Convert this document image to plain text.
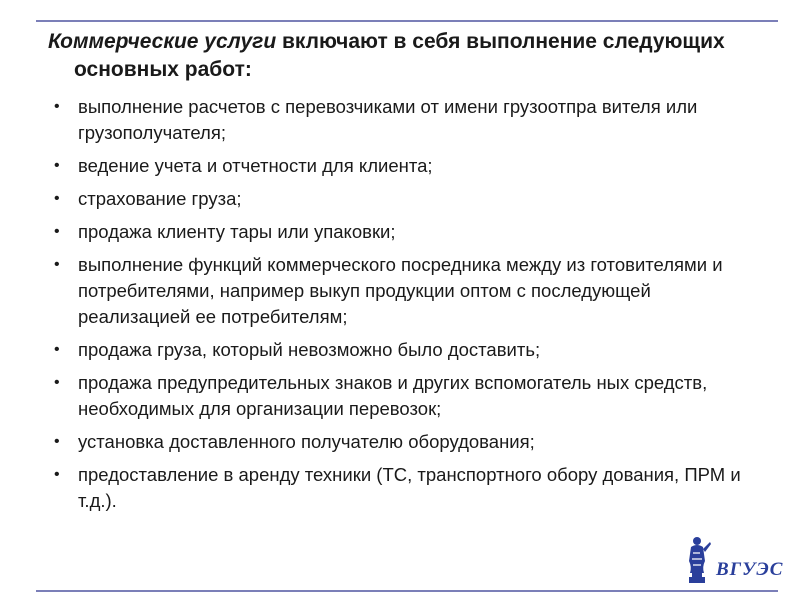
Коммерческие услуги включают в себя выполнение следующих основных работ:

• выполнение расчетов с перевозчиками от имени грузоотпра вителя или грузополучателя;
• ведение учета и отчетности для клиента;
• страхование груза;
• продажа клиенту тары или упаковки;
• выполнение функций коммерческого посредника между из готовителями и потребителями, например выкуп продукции оптом с последующей реализацией ее потребителям;
• продажа груза, который невозможно было доставить;
• продажа предупредительных знаков и других вспомогатель ных средств, необходимых для организации перевозок;
• установка доставленного получателю оборудования;
• предоставление в аренду техники (ТС, транспортного обору дования, ПРМ и т.д.).
ВГУЭС
